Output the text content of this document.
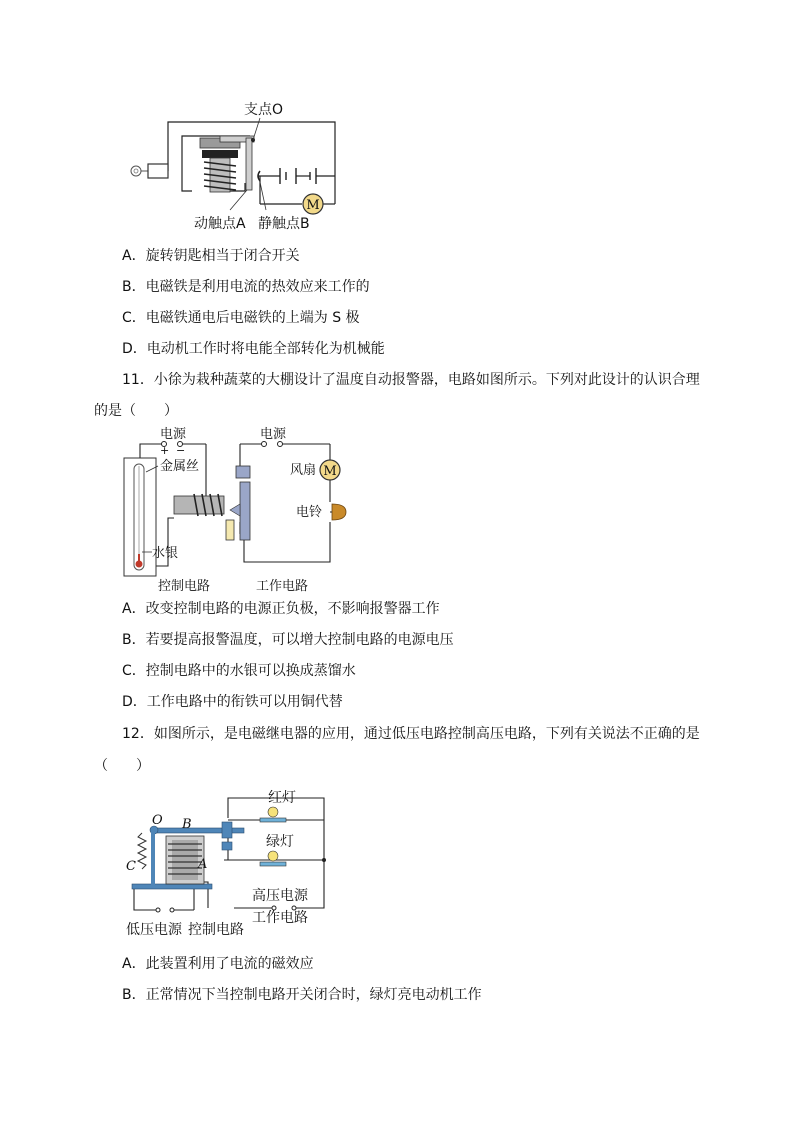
M
支点O
动触点A 静触点B
A．旋转钥匙相当于闭合开关
B．电磁铁是利用电流的热效应来工作的
C．电磁铁通电后电磁铁的上端为 S 极
D．电动机工作时将电能全部转化为机械能
11．小徐为栽种蔬菜的大棚设计了温度自动报警器，电路如图所示。下列对此设计的认识合理
的是（　　）
M
电源
+ −
电源
金属丝	风扇
电铃
水银
控制电路	工作电路
A．改变控制电路的电源正负极，不影响报警器工作
B．若要提高报警温度，可以增大控制电路的电源电压
C．控制电路中的水银可以换成蒸馏水
D．工作电路中的衔铁可以用铜代替
12．如图所示，是电磁继电器的应用，通过低压电路控制高压电路，下列有关说法不正确的是
（　　）
红灯
绿灯
O B
C	A
高压电源
工作电路
低压电源 控制电路
A．此装置利用了电流的磁效应
B．正常情况下当控制电路开关闭合时，绿灯亮电动机工作
